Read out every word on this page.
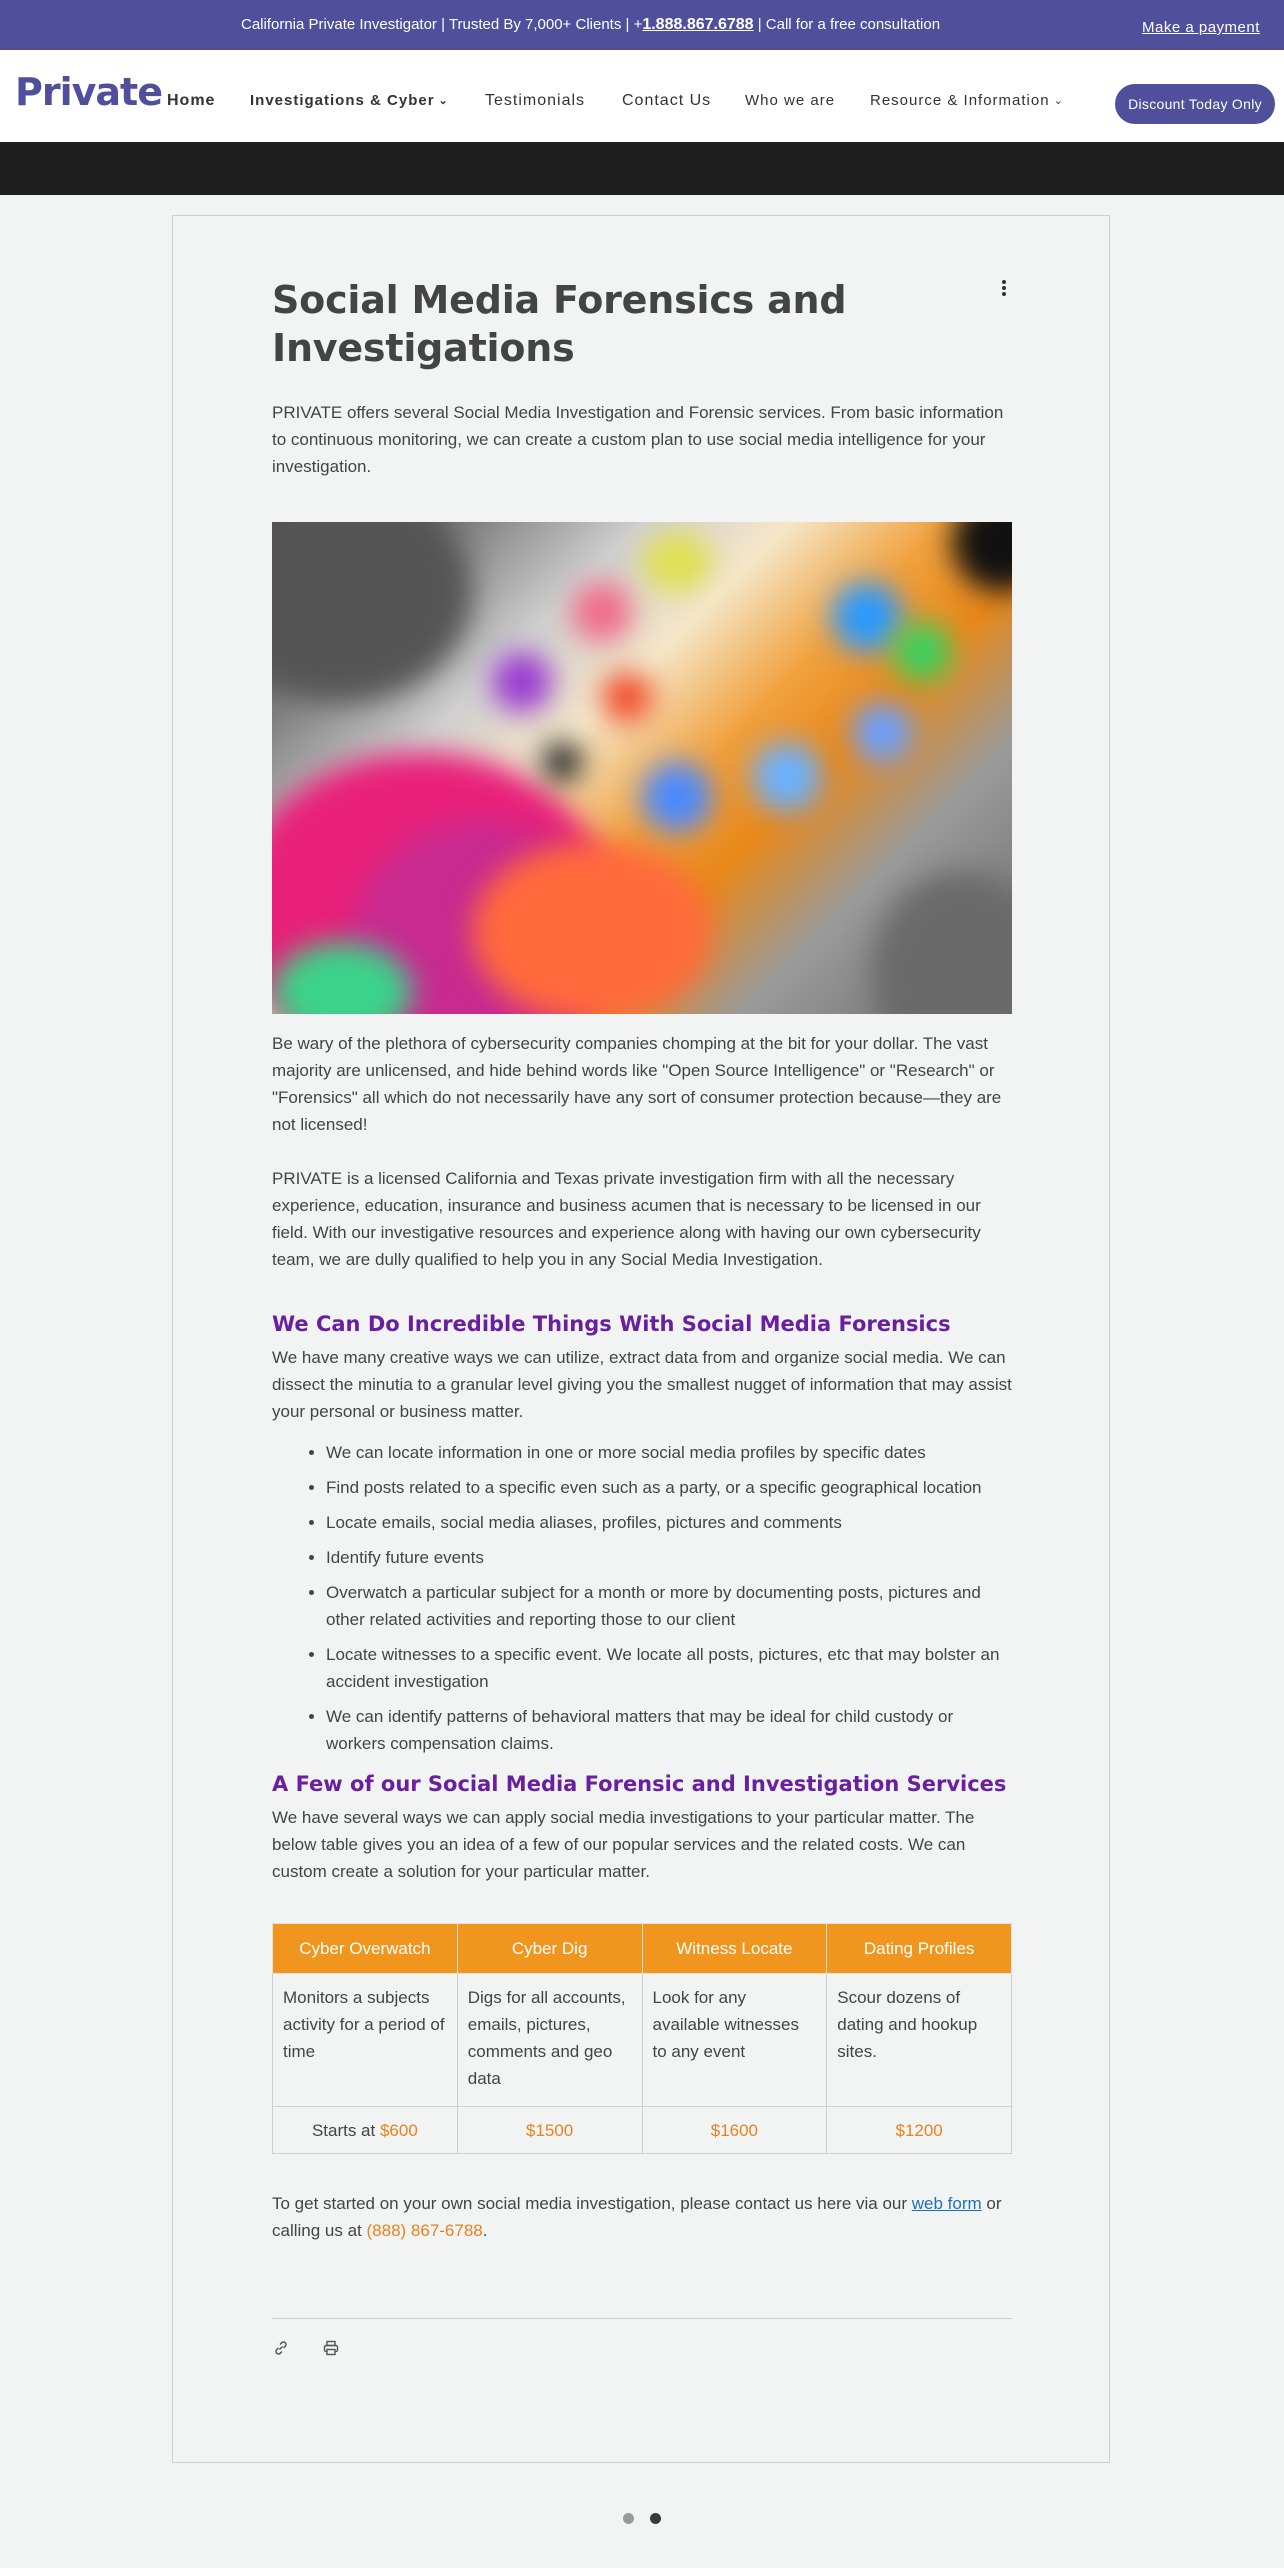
California Private Investigator | Trusted By 7,000+ Clients | +1.888.867.6788 | Call for a free consultation	Make a payment
Private Home Investigations & Cyber ⌄ Testimonials Contact Us Who we are Resource & Information ⌄	Discount Today Only
Social Media Forensics and Investigations

PRIVATE offers several Social Media Investigation and Forensic services. From basic information to continuous monitoring, we can create a custom plan to use social media intelligence for your investigation.

Be wary of the plethora of cybersecurity companies chomping at the bit for your dollar. The vast majority are unlicensed, and hide behind words like "Open Source Intelligence" or "Research" or "Forensics" all which do not necessarily have any sort of consumer protection because—they are not licensed!

PRIVATE is a licensed California and Texas private investigation firm with all the necessary experience, education, insurance and business acumen that is necessary to be licensed in our field. With our investigative resources and experience along with having our own cybersecurity team, we are dully qualified to help you in any Social Media Investigation.

We Can Do Incredible Things With Social Media Forensics

We have many creative ways we can utilize, extract data from and organize social media. We can dissect the minutia to a granular level giving you the smallest nugget of information that may assist your personal or business matter.

• We can locate information in one or more social media profiles by specific dates
• Find posts related to a specific even such as a party, or a specific geographical location
• Locate emails, social media aliases, profiles, pictures and comments
• Identify future events
• Overwatch a particular subject for a month or more by documenting posts, pictures and other related activities and reporting those to our client
• Locate witnesses to a specific event. We locate all posts, pictures, etc that may bolster an accident investigation
• We can identify patterns of behavioral matters that may be ideal for child custody or workers compensation claims.
A Few of our Social Media Forensic and Investigation Services

We have several ways we can apply social media investigations to your particular matter. The below table gives you an idea of a few of our popular services and the related costs. We can custom create a solution for your particular matter.

Cyber Overwatch	Cyber Dig	Witness Locate	Dating Profiles
Monitors a subjects activity for a period of time	Digs for all accounts, emails, pictures, comments and geo data	Look for any available witnesses to any event	Scour dozens of dating and hookup sites.
Starts at $600	$1500	$1600	$1200

To get started on your own social media investigation, please contact us here via our web form or calling us at (888) 867-6788.
